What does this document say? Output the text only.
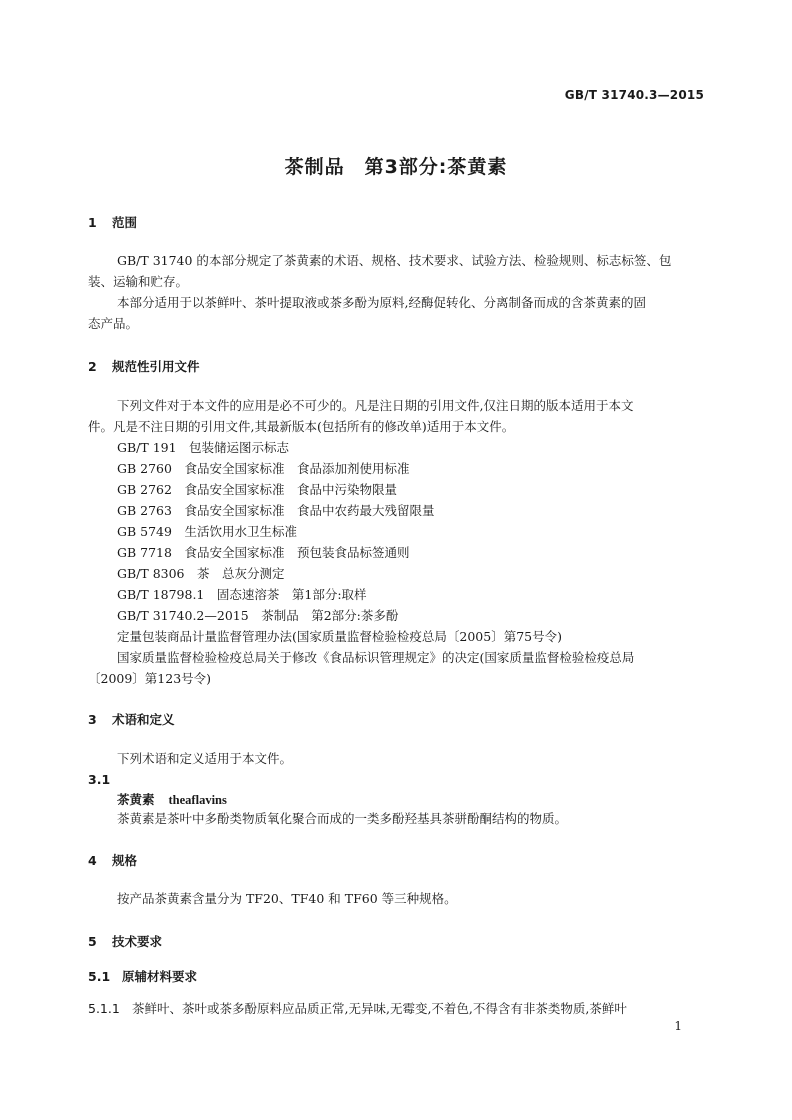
GB/T 31740.3—2015
茶制品　第3部分:茶黄素
1 范围
GB/T 31740 的本部分规定了茶黄素的术语、规格、技术要求、试验方法、检验规则、标志标签、包
装、运输和贮存。
本部分适用于以茶鲜叶、茶叶提取液或茶多酚为原料,经酶促转化、分离制备而成的含茶黄素的固
态产品。
2 规范性引用文件
下列文件对于本文件的应用是必不可少的。凡是注日期的引用文件,仅注日期的版本适用于本文
件。凡是不注日期的引用文件,其最新版本(包括所有的修改单)适用于本文件。
GB/T 191　包装储运图示标志
GB 2760　食品安全国家标准　食品添加剂使用标准
GB 2762　食品安全国家标准　食品中污染物限量
GB 2763　食品安全国家标准　食品中农药最大残留限量
GB 5749　生活饮用水卫生标准
GB 7718　食品安全国家标准　预包装食品标签通则
GB/T 8306　茶　总灰分测定
GB/T 18798.1　固态速溶茶　第1部分:取样
GB/T 31740.2—2015　茶制品　第2部分:茶多酚
定量包装商品计量监督管理办法(国家质量监督检验检疫总局〔2005〕第75号令)
国家质量监督检验检疫总局关于修改《食品标识管理规定》的决定(国家质量监督检验检疫总局
〔2009〕第123号令)
3 术语和定义
下列术语和定义适用于本文件。
3.1
茶黄素 theaflavins
茶黄素是茶叶中多酚类物质氧化聚合而成的一类多酚羟基具茶骈酚酮结构的物质。
4 规格
按产品茶黄素含量分为 TF20、TF40 和 TF60 等三种规格。
5 技术要求
5.1 原辅材料要求
5.1.1 茶鲜叶、茶叶或茶多酚原料应品质正常,无异味,无霉变,不着色,不得含有非茶类物质,茶鲜叶
1
